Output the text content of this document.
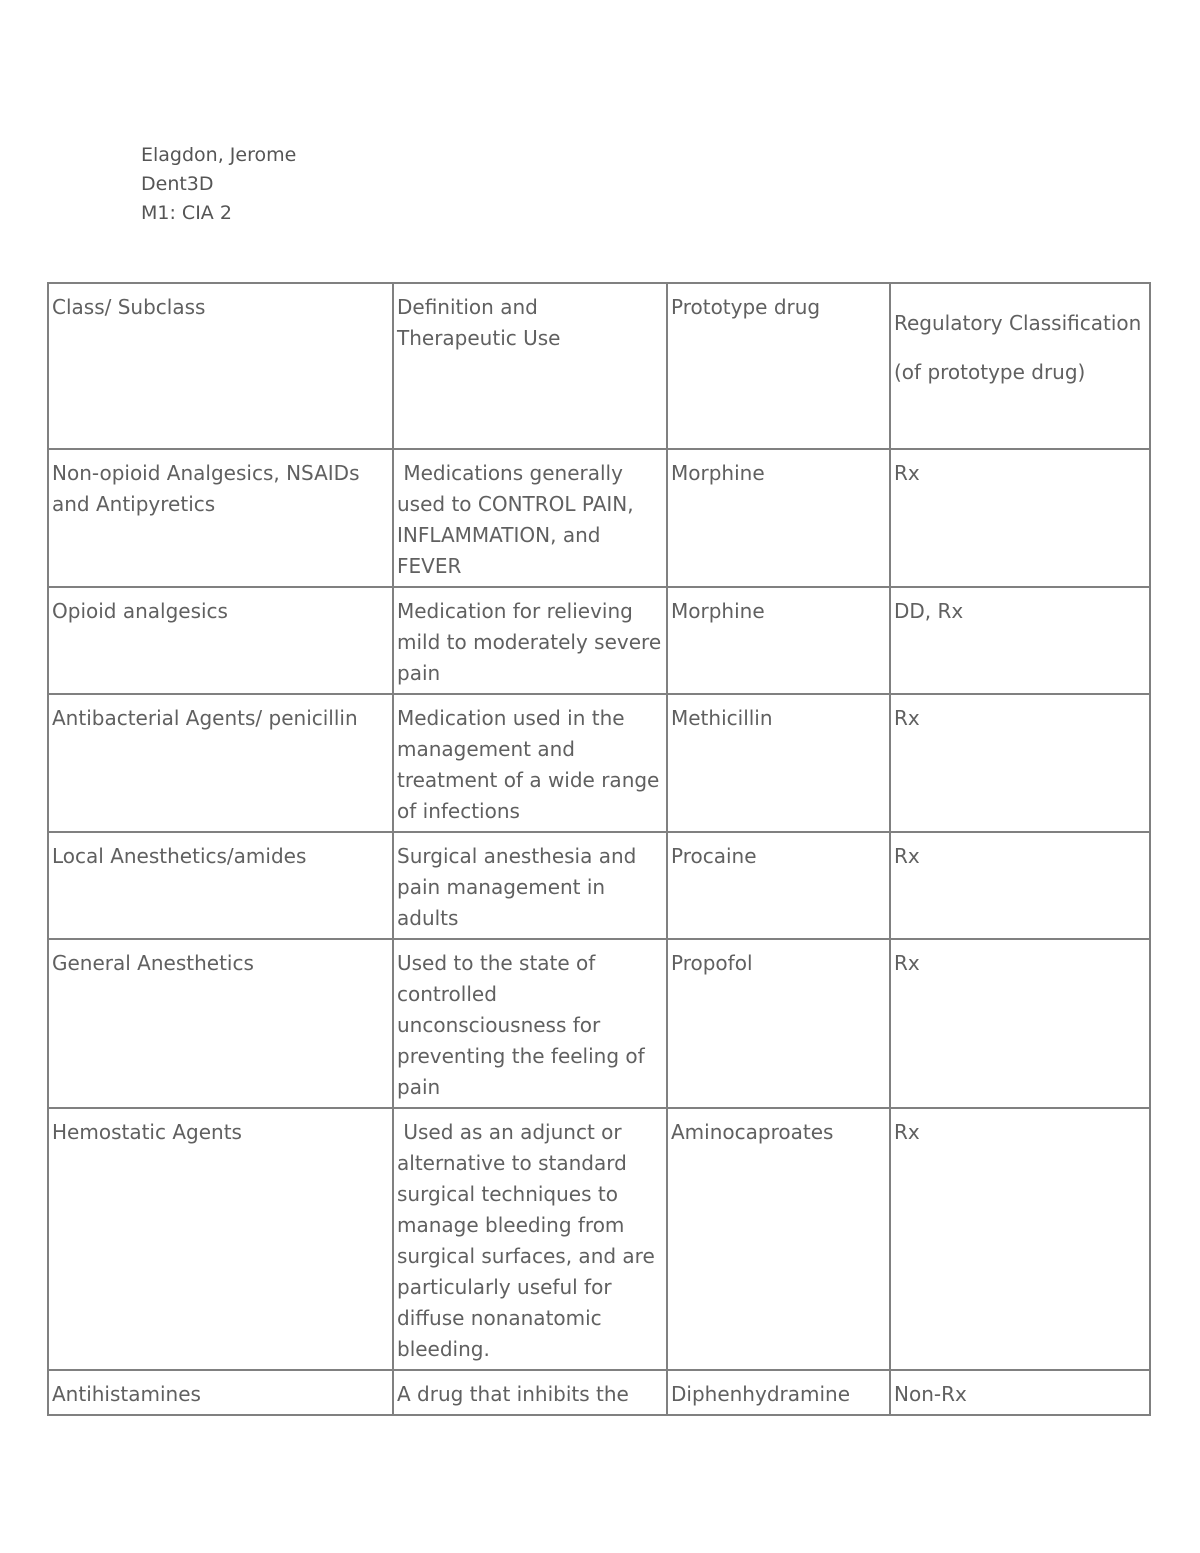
Elagdon, Jerome
Dent3D
M1: CIA 2
Class/ Subclass	Definition and Therapeutic Use	Prototype drug	Regulatory Classification
(of prototype drug)

Non-opioid Analgesics, NSAIDs and Antipyretics	Medications generally used to CONTROL PAIN, INFLAMMATION, and FEVER	Morphine	Rx
Opioid analgesics	Medication for relieving mild to moderately severe pain	Morphine	DD, Rx
Antibacterial Agents/ penicillin	Medication used in the management and treatment of a wide range of infections	Methicillin	Rx
Local Anesthetics/amides	Surgical anesthesia and pain management in adults	Procaine	Rx
General Anesthetics	Used to the state of controlled unconsciousness for preventing the feeling of pain	Propofol	Rx
Hemostatic Agents	Used as an adjunct or alternative to standard surgical techniques to manage bleeding from surgical surfaces, and are particularly useful for diffuse nonanatomic bleeding.	Aminocaproates	Rx
Antihistamines	A drug that inhibits the	Diphenhydramine	Non-Rx
